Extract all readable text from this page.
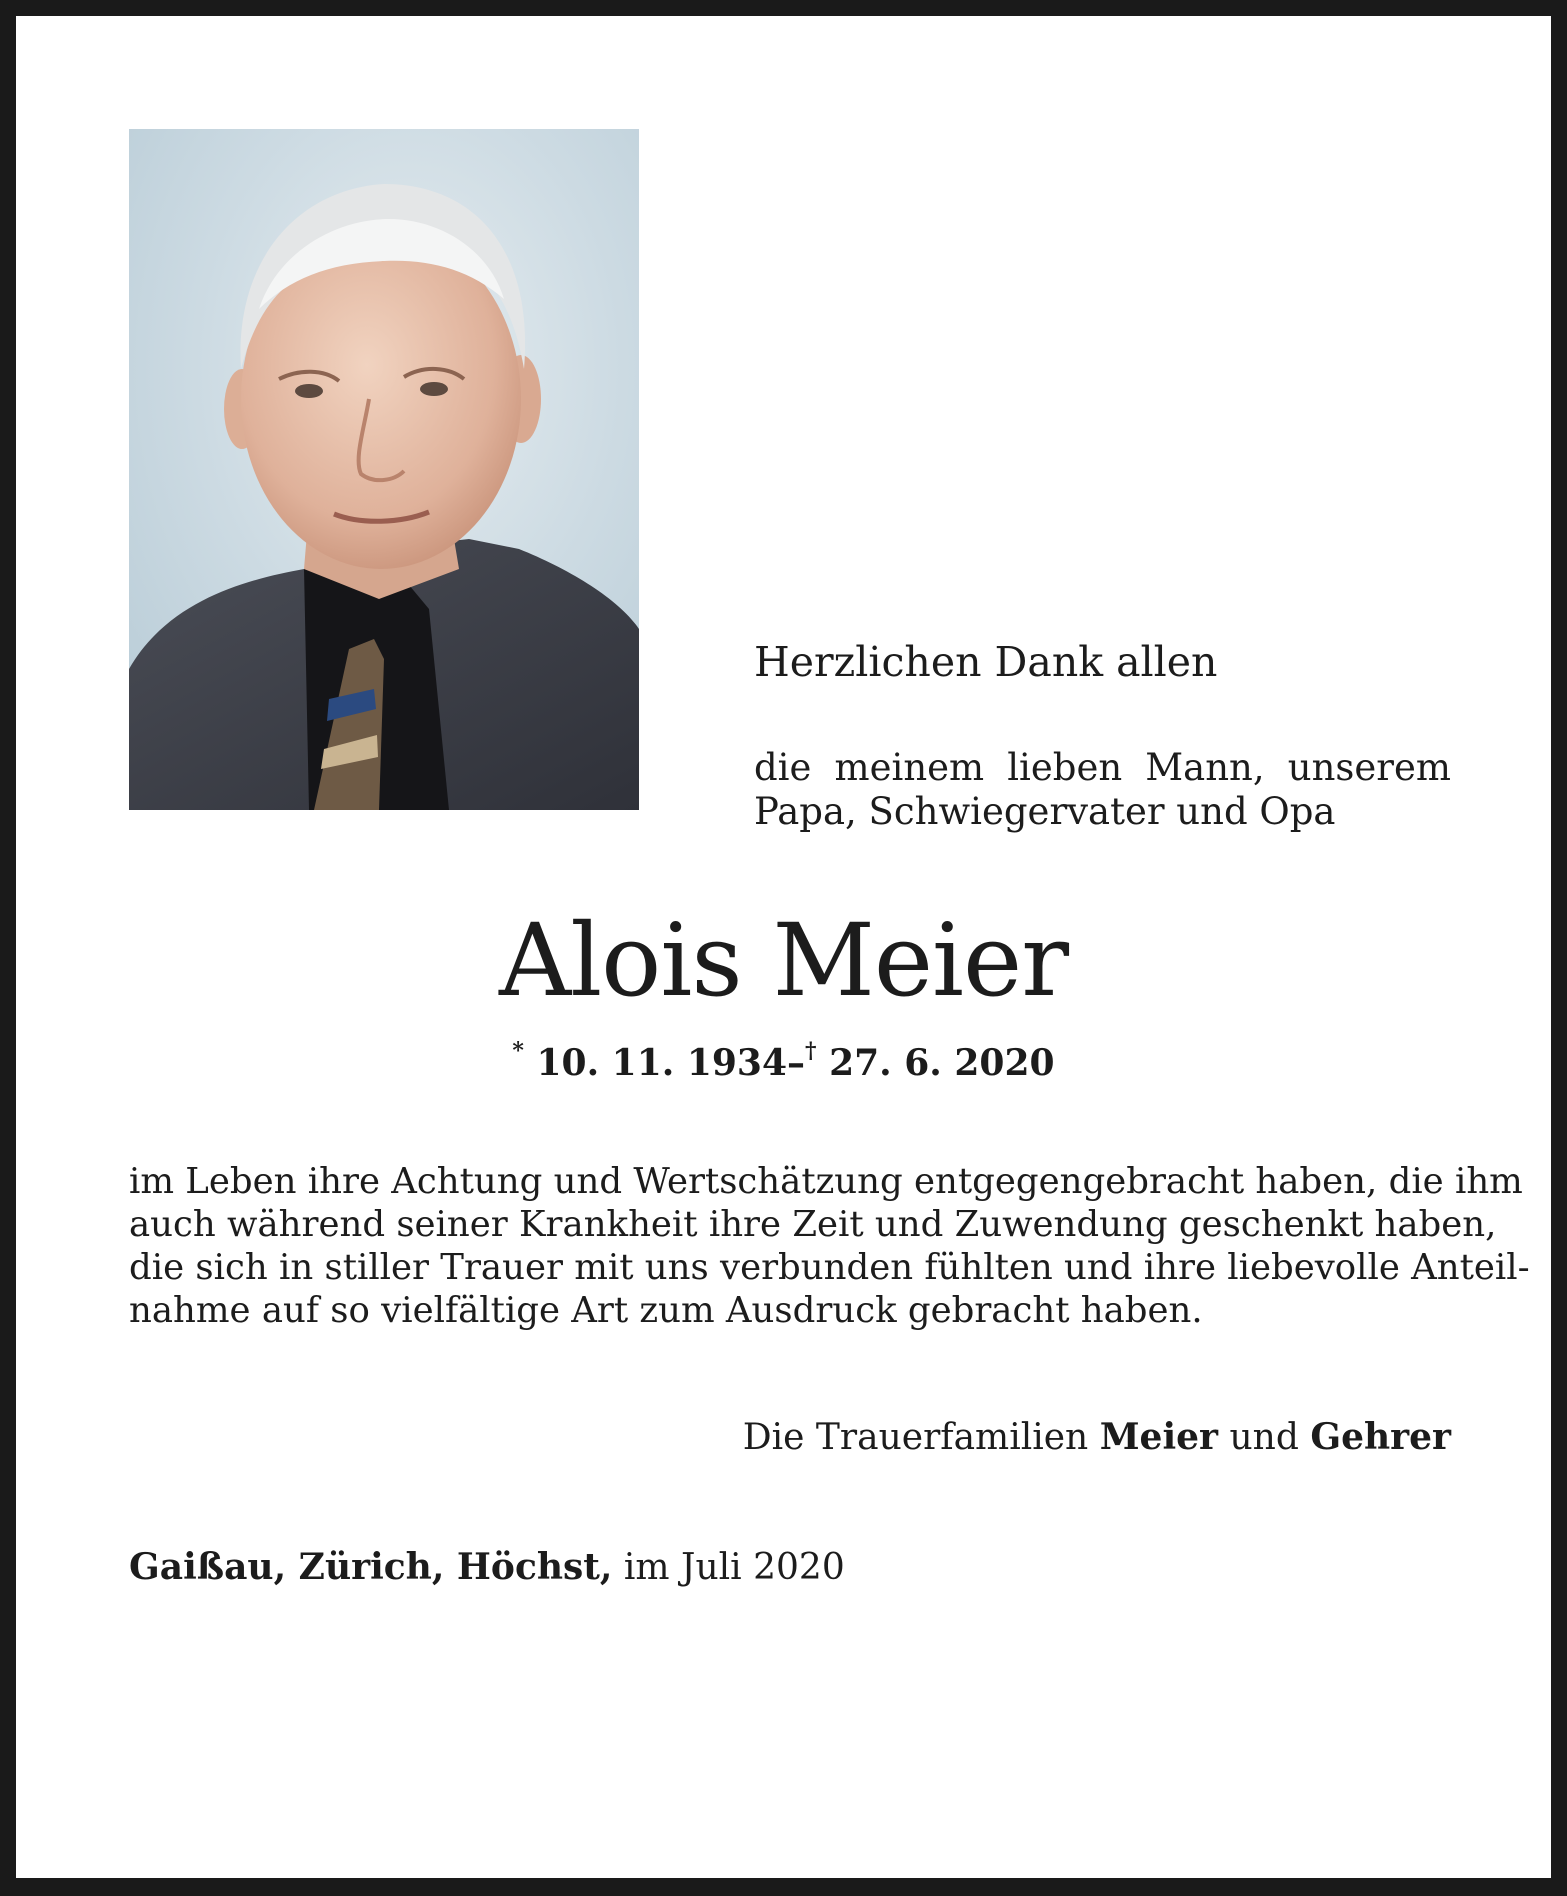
Herzlichen Dank allen
die meinem lieben Mann, unserem
Papa, Schwiegervater und Opa
Alois Meier
* 10. 11. 1934–† 27. 6. 2020
im Leben ihre Achtung und Wertschätzung entgegengebracht haben, die ihm
auch während seiner Krankheit ihre Zeit und Zuwendung geschenkt haben,
die sich in stiller Trauer mit uns verbunden fühlten und ihre liebevolle Anteil-
nahme auf so vielfältige Art zum Ausdruck gebracht haben.
Die Trauerfamilien Meier und Gehrer
Gaißau, Zürich, Höchst, im Juli 2020
